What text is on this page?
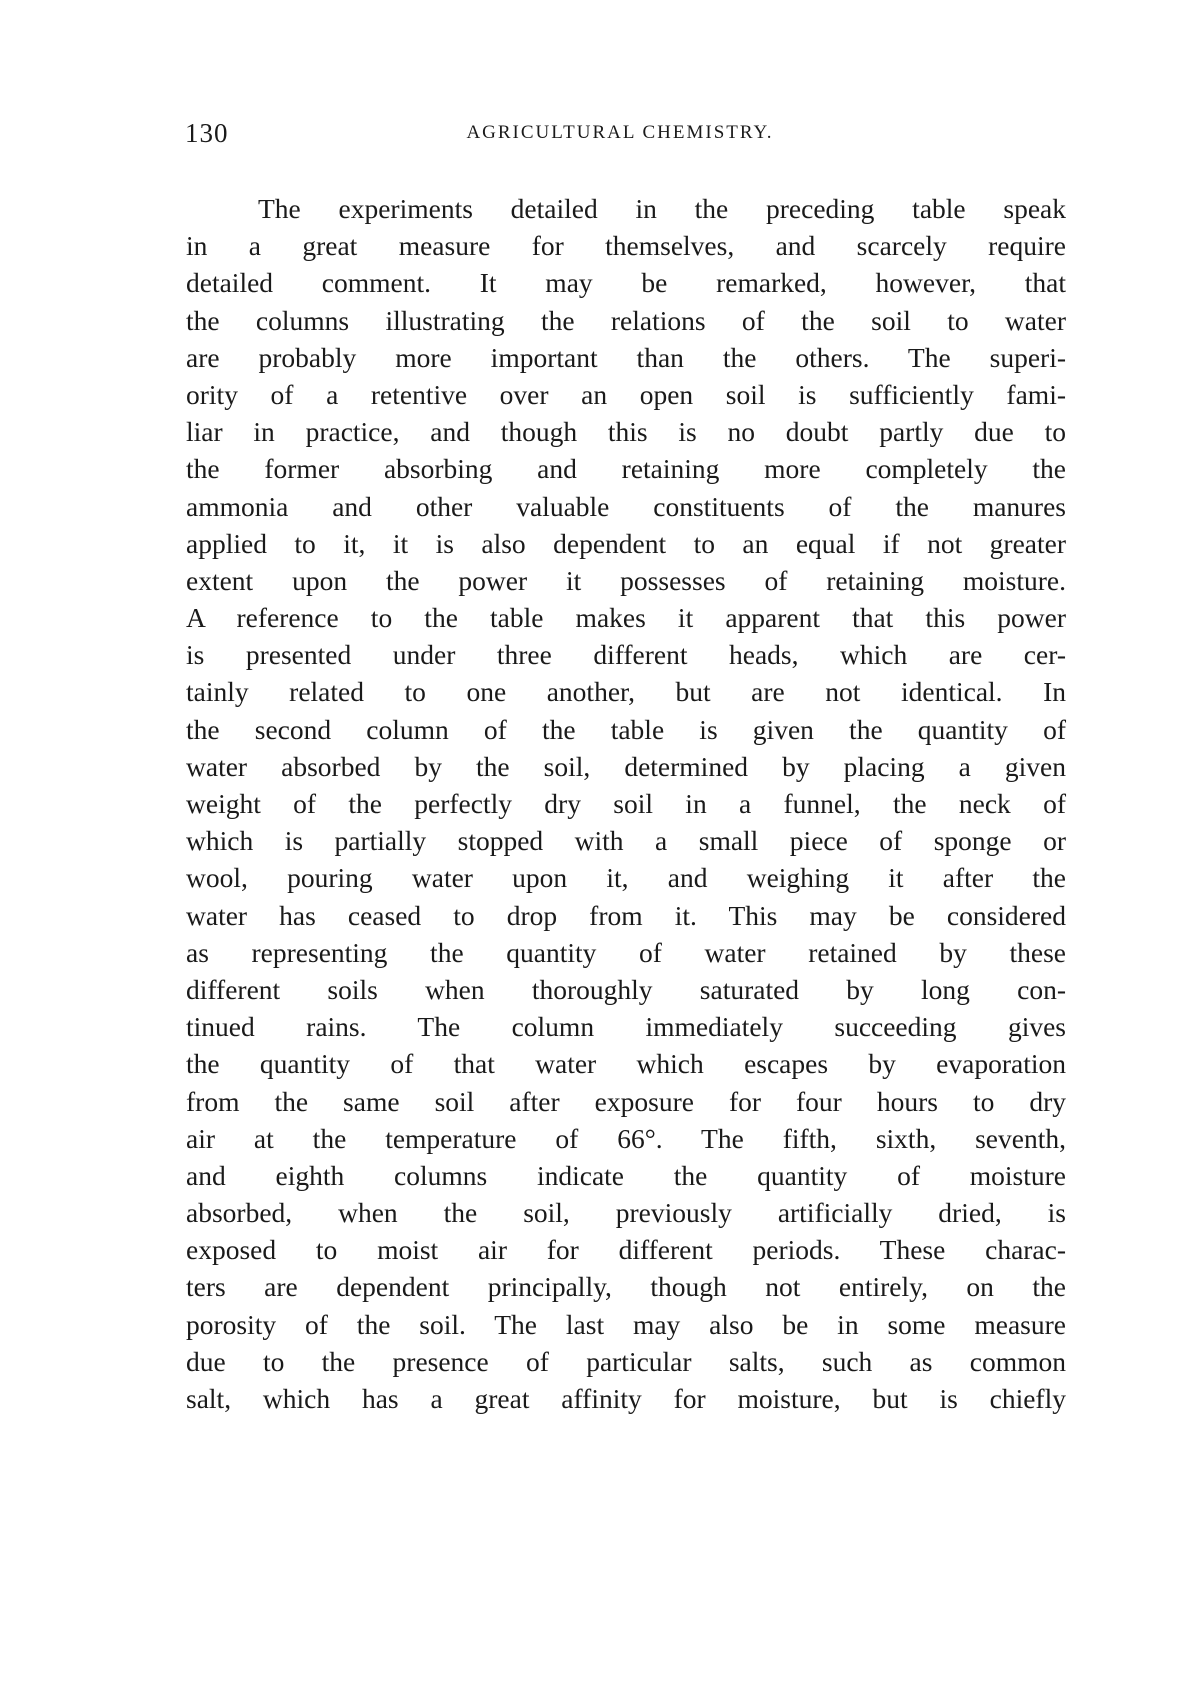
130	AGRICULTURAL CHEMISTRY.
The experiments detailed in the preceding table speak
in a great measure for themselves, and scarcely require
detailed comment. It may be remarked, however, that
the columns illustrating the relations of the soil to water
are probably more important than the others. The superi-
ority of a retentive over an open soil is sufficiently fami-
liar in practice, and though this is no doubt partly due to
the former absorbing and retaining more completely the
ammonia and other valuable constituents of the manures
applied to it, it is also dependent to an equal if not greater
extent upon the power it possesses of retaining moisture.
A reference to the table makes it apparent that this power
is presented under three different heads, which are cer-
tainly related to one another, but are not identical. In
the second column of the table is given the quantity of
water absorbed by the soil, determined by placing a given
weight of the perfectly dry soil in a funnel, the neck of
which is partially stopped with a small piece of sponge or
wool, pouring water upon it, and weighing it after the
water has ceased to drop from it. This may be considered
as representing the quantity of water retained by these
different soils when thoroughly saturated by long con-
tinued rains. The column immediately succeeding gives
the quantity of that water which escapes by evaporation
from the same soil after exposure for four hours to dry
air at the temperature of 66°. The fifth, sixth, seventh,
and eighth columns indicate the quantity of moisture
absorbed, when the soil, previously artificially dried, is
exposed to moist air for different periods. These charac-
ters are dependent principally, though not entirely, on the
porosity of the soil. The last may also be in some measure
due to the presence of particular salts, such as common
salt, which has a great affinity for moisture, but is chiefly
